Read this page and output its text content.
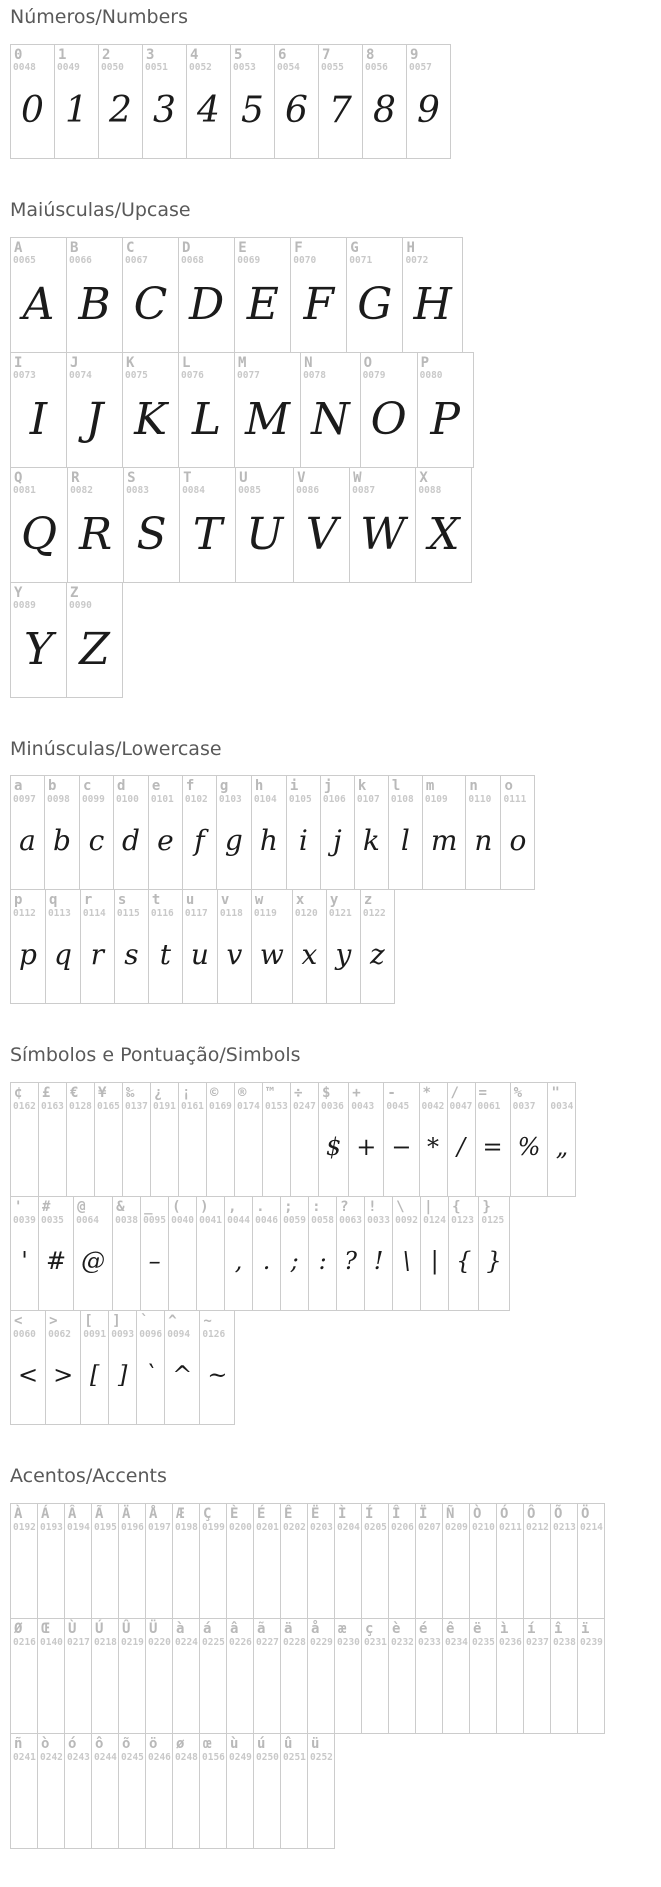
Números/Numbers
0
0048
0
1
0049
1
2
0050
2
3
0051
3
4
0052
4
5
0053
5
6
0054
6
7
0055
7
8
0056
8
9
0057
9
Maiúsculas/Upcase
A
0065
A
B
0066
B
C
0067
C
D
0068
D
E
0069
E
F
0070
F
G
0071
G
H
0072
H
I
0073
I
J
0074
J
K
0075
K
L
0076
L
M
0077
M
N
0078
N
O
0079
O
P
0080
P
Q
0081
Q
R
0082
R
S
0083
S
T
0084
T
U
0085
U
V
0086
V
W
0087
W
X
0088
X
Y
0089
Y
Z
0090
Z
Minúsculas/Lowercase
a
0097
a
b
0098
b
c
0099
c
d
0100
d
e
0101
e
f
0102
f
g
0103
g
h
0104
h
i
0105
i
j
0106
j
k
0107
k
l
0108
l
m
0109
m
n
0110
n
o
0111
o
p
0112
p
q
0113
q
r
0114
r
s
0115
s
t
0116
t
u
0117
u
v
0118
v
w
0119
w
x
0120
x
y
0121
y
z
0122
z
Símbolos e Pontuação/Simbols
¢
0162
£
0163
€
0128
¥
0165
‰
0137
¿
0191
¡
0161
©
0169
®
0174
™
0153
÷
0247
$
0036
$
+
0043
+
-
0045
−
*
0042
*
/
0047
/
=
0061
=
%
0037
%
"
0034
„
'
0039
'
#
0035
#
@
0064
@
&
0038
_
0095
–
(
0040
)
0041
,
0044
,
.
0046
.
;
0059
;
:
0058
:
?
0063
?
!
0033
!
\
0092
\
|
0124
|
{
0123
{
}
0125
}
<
0060
<
>
0062
>
[
0091
[
]
0093
]
`
0096
`
^
0094
^
~
0126
~
Acentos/Accents
À
0192
Á
0193
Â
0194
Ã
0195
Ä
0196
Å
0197
Æ
0198
Ç
0199
È
0200
É
0201
Ê
0202
Ë
0203
Ì
0204
Í
0205
Î
0206
Ï
0207
Ñ
0209
Ò
0210
Ó
0211
Ô
0212
Õ
0213
Ö
0214
Ø
0216
Œ
0140
Ù
0217
Ú
0218
Û
0219
Ü
0220
à
0224
á
0225
â
0226
ã
0227
ä
0228
å
0229
æ
0230
ç
0231
è
0232
é
0233
ê
0234
ë
0235
ì
0236
í
0237
î
0238
ï
0239
ñ
0241
ò
0242
ó
0243
ô
0244
õ
0245
ö
0246
ø
0248
œ
0156
ù
0249
ú
0250
û
0251
ü
0252
